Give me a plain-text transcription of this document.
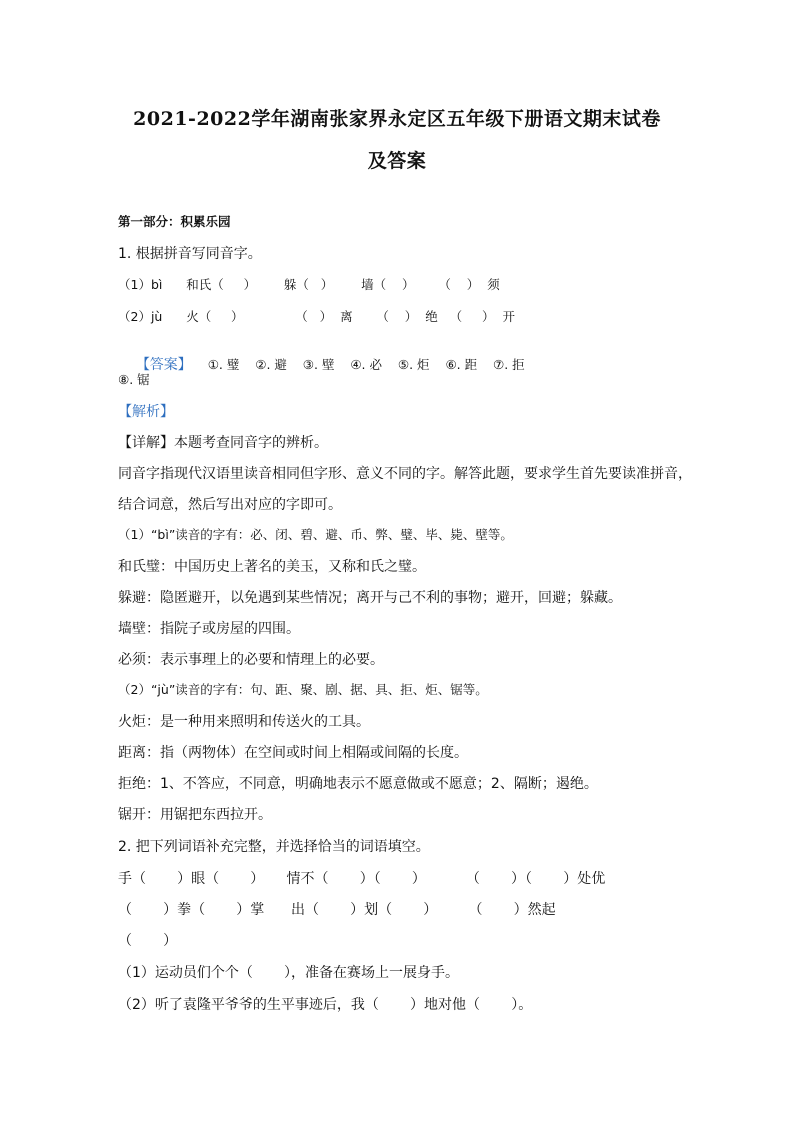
2021-2022学年湖南张家界永定区五年级下册语文期末试卷
及答案
第一部分：积累乐园
1. 根据拼音写同音字。
（1）bì      和氏（     ）       躲（   ）       墙（    ）      （    ）  须
（2）jù      火（     ）             （   ）  离      （    ）  绝   （     ）  开

【答案】    ①. 璧    ②. 避    ③. 壁    ④. 必    ⑤. 炬    ⑥. 距    ⑦. 拒

⑧. 锯
【解析】
【详解】本题考查同音字的辨析。
同音字指现代汉语里读音相同但字形、意义不同的字。解答此题，要求学生首先要读准拼音，
结合词意，然后写出对应的字即可。
（1）“bì”读音的字有：必、闭、碧、避、币、弊、璧、毕、毙、壁等。
和氏璧：中国历史上著名的美玉，又称和氏之璧。
躲避：隐匿避开，以免遇到某些情况；离开与己不利的事物；避开，回避；躲藏。
墙壁：指院子或房屋的四围。
必须：表示事理上的必要和情理上的必要。
（2）“jù”读音的字有：句、距、聚、剧、据、具、拒、炬、锯等。
火炬：是一种用来照明和传送火的工具。
距离：指（两物体）在空间或时间上相隔或间隔的长度。
拒绝：1、不答应，不同意，明确地表示不愿意做或不愿意；2、隔断；遏绝。
锯开：用锯把东西拉开。
2. 把下列词语补充完整，并选择恰当的词语填空。
手（       ）眼（       ）     情不（       ）（       ）         （       ）（       ）处优
（       ）拳（       ）掌      出（       ）划（       ）       （       ）然起
（       ）
（1）运动员们个个（       ），准备在赛场上一展身手。
（2）听了袁隆平爷爷的生平事迹后，我（       ）地对他（       ）。
